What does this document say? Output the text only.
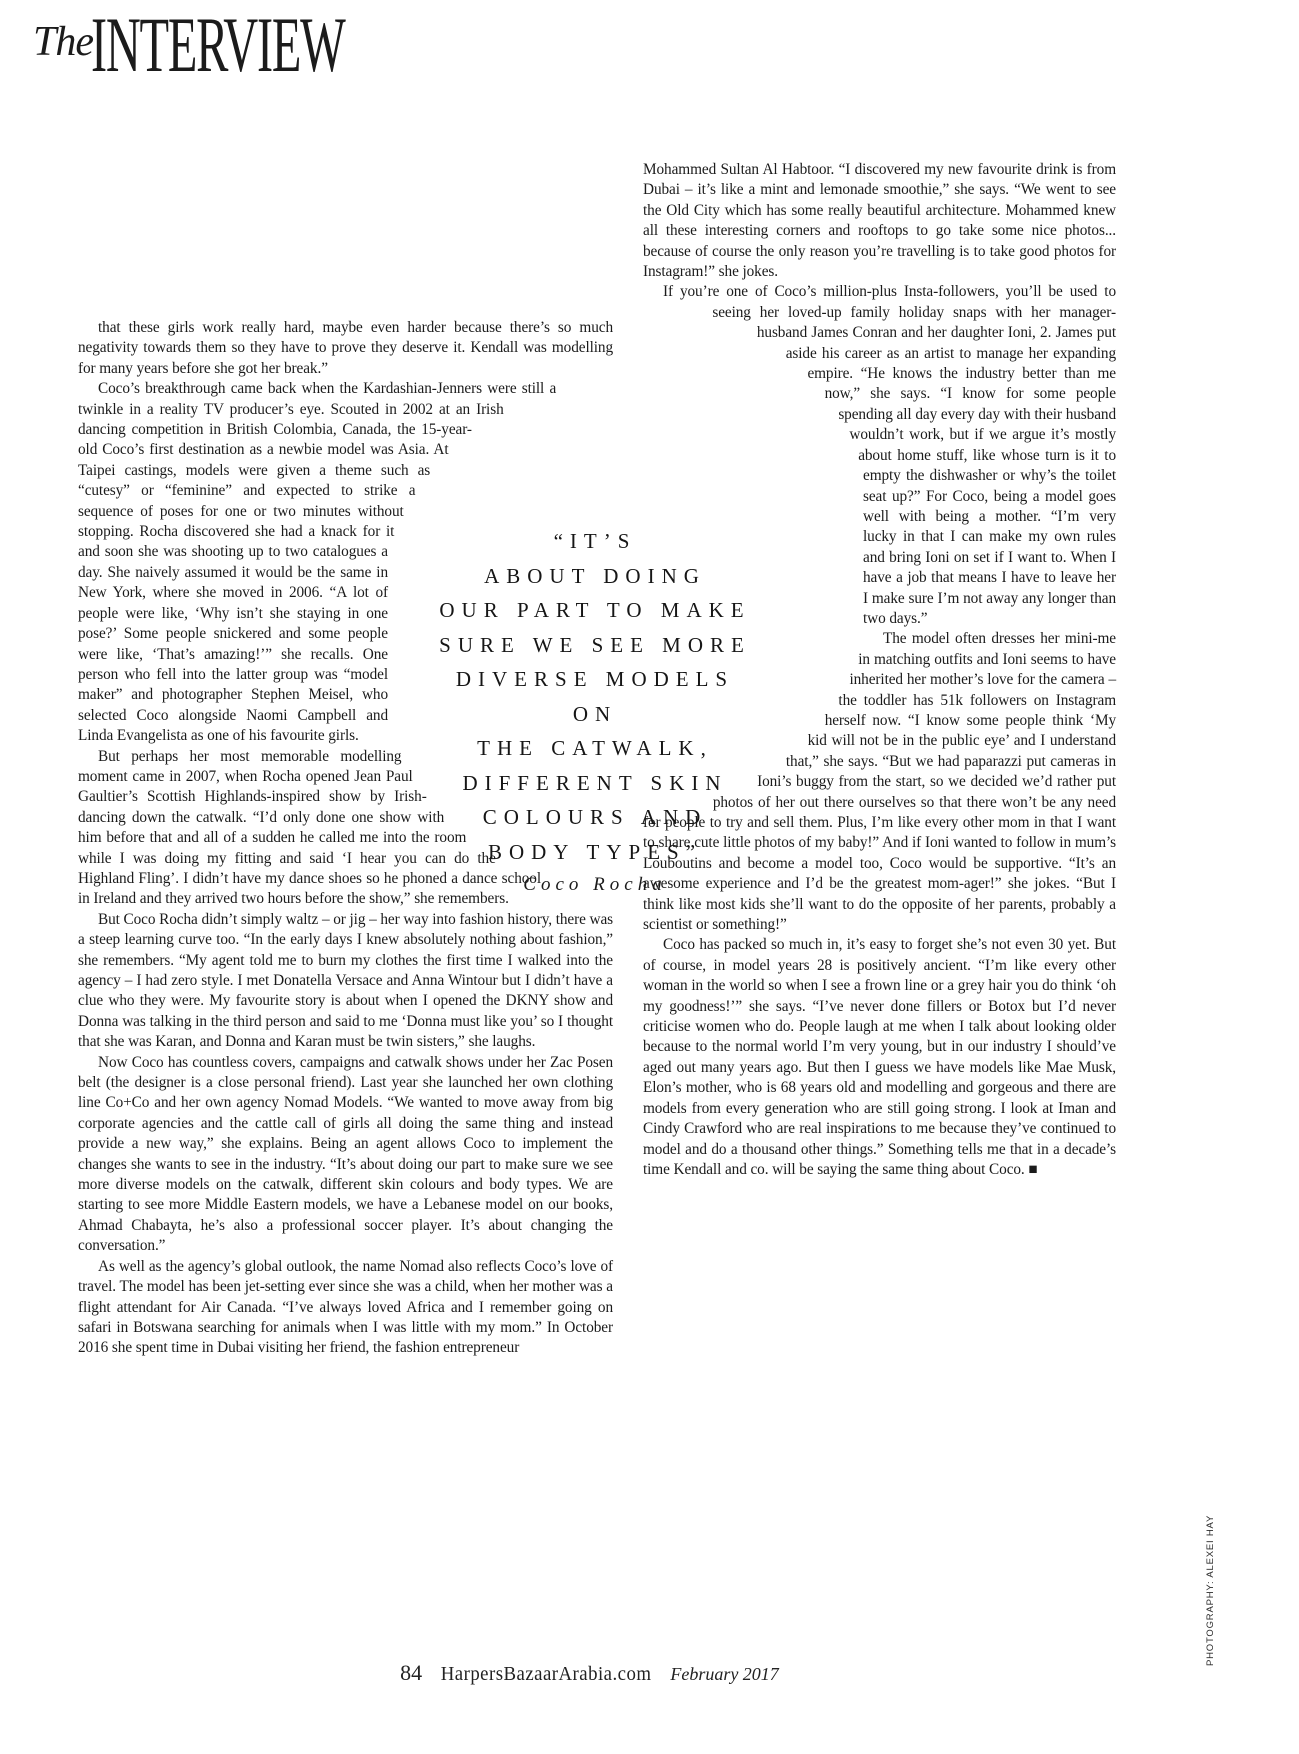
TheINTERVIEW

that these girls work really hard, maybe even harder because there’s so much negativity towards them so they have to prove they deserve it. Kendall was modelling for many years before she got her break.”

Coco’s breakthrough came back when the Kardashian-Jenners were still a twinkle in a reality TV producer’s eye. Scouted in 2002 at an Irish dancing competition in British Colombia, Canada, the 15-year-old Coco’s first destination as a newbie model was Asia. At Taipei castings, models were given a theme such as “cutesy” or “feminine” and expected to strike a sequence of poses for one or two minutes without stopping. Rocha discovered she had a knack for it and soon she was shooting up to two catalogues a day. She naively assumed it would be the same in New York, where she moved in 2006. “A lot of people were like, ‘Why isn’t she staying in one pose?’ Some people snickered and some people were like, ‘That’s amazing!’” she recalls. One person who fell into the latter group was “model maker” and photographer Stephen Meisel, who selected Coco alongside Naomi Campbell and Linda Evangelista as one of his favourite girls.

But perhaps her most memorable modelling moment came in 2007, when Rocha opened Jean Paul Gaultier’s Scottish Highlands-inspired show by Irish-dancing down the catwalk. “I’d only done one show with him before that and all of a sudden he called me into the room while I was doing my fitting and said ‘I hear you can do the Highland Fling’. I didn’t have my dance shoes so he phoned a dance school in Ireland and they arrived two hours before the show,” she remembers.

But Coco Rocha didn’t simply waltz – or jig – her way into fashion history, there was a steep learning curve too. “In the early days I knew absolutely nothing about fashion,” she remembers. “My agent told me to burn my clothes the first time I walked into the agency – I had zero style. I met Donatella Versace and Anna Wintour but I didn’t have a clue who they were. My favourite story is about when I opened the DKNY show and Donna was talking in the third person and said to me ‘Donna must like you’ so I thought that she was Karan, and Donna and Karan must be twin sisters,” she laughs.

Now Coco has countless covers, campaigns and catwalk shows under her Zac Posen belt (the designer is a close personal friend). Last year she launched her own clothing line Co+Co and her own agency Nomad Models. “We wanted to move away from big corporate agencies and the cattle call of girls all doing the same thing and instead provide a new way,” she explains. Being an agent allows Coco to implement the changes she wants to see in the industry. “It’s about doing our part to make sure we see more diverse models on the catwalk, different skin colours and body types. We are starting to see more Middle Eastern models, we have a Lebanese model on our books, Ahmad Chabayta, he’s also a professional soccer player. It’s about changing the conversation.”

As well as the agency’s global outlook, the name Nomad also reflects Coco’s love of travel. The model has been jet-setting ever since she was a child, when her mother was a flight attendant for Air Canada. “I’ve always loved Africa and I remember going on safari in Botswana searching for animals when I was little with my mom.” In October 2016 she spent time in Dubai visiting her friend, the fashion entrepreneur

Mohammed Sultan Al Habtoor. “I discovered my new favourite drink is from Dubai – it’s like a mint and lemonade smoothie,” she says. “We went to see the Old City which has some really beautiful architecture. Mohammed knew all these interesting corners and rooftops to go take some nice photos... because of course the only reason you’re travelling is to take good photos for Instagram!” she jokes.

If you’re one of Coco’s million-plus Insta-followers, you’ll be used to seeing her loved-up family holiday snaps with her manager-husband James Conran and her daughter Ioni, 2. James put aside his career as an artist to manage her expanding empire. “He knows the industry better than me now,” she says. “I know for some people spending all day every day with their husband wouldn’t work, but if we argue it’s mostly about home stuff, like whose turn is it to empty the dishwasher or why’s the toilet seat up?” For Coco, being a model goes well with being a mother. “I’m very lucky in that I can make my own rules and bring Ioni on set if I want to. When I have a job that means I have to leave her I make sure I’m not away any longer than two days.”

The model often dresses her mini-me in matching outfits and Ioni seems to have inherited her mother’s love for the camera – the toddler has 51k followers on Instagram herself now. “I know some people think ‘My kid will not be in the public eye’ and I understand that,” she says. “But we had paparazzi put cameras in Ioni’s buggy from the start, so we decided we’d rather put photos of her out there ourselves so that there won’t be any need for people to try and sell them. Plus, I’m like every other mom in that I want to share cute little photos of my baby!” And if Ioni wanted to follow in mum’s Louboutins and become a model too, Coco would be supportive. “It’s an awesome experience and I’d be the greatest mom-ager!” she jokes. “But I think like most kids she’ll want to do the opposite of her parents, probably a scientist or something!”

Coco has packed so much in, it’s easy to forget she’s not even 30 yet. But of course, in model years 28 is positively ancient. “I’m like every other woman in the world so when I see a frown line or a grey hair you do think ‘oh my goodness!’” she says. “I’ve never done fillers or Botox but I’d never criticise women who do. People laugh at me when I talk about looking older because to the normal world I’m very young, but in our industry I should’ve aged out many years ago. But then I guess we have models like Mae Musk, Elon’s mother, who is 68 years old and modelling and gorgeous and there are models from every generation who are still going strong. I look at Iman and Cindy Crawford who are real inspirations to me because they’ve continued to model and do a thousand other things.” Something tells me that in a decade’s time Kendall and co. will be saying the same thing about Coco. ■

“IT’S
ABOUT DOING
OUR PART TO MAKE
SURE WE SEE MORE
DIVERSE MODELS ON
THE CATWALK,
DIFFERENT SKIN
COLOURS AND
BODY TYPES”
Coco Rocha
84 HarpersBazaarArabia.com February 2017
PHOTOGRAPHY: ALEXEI HAY
